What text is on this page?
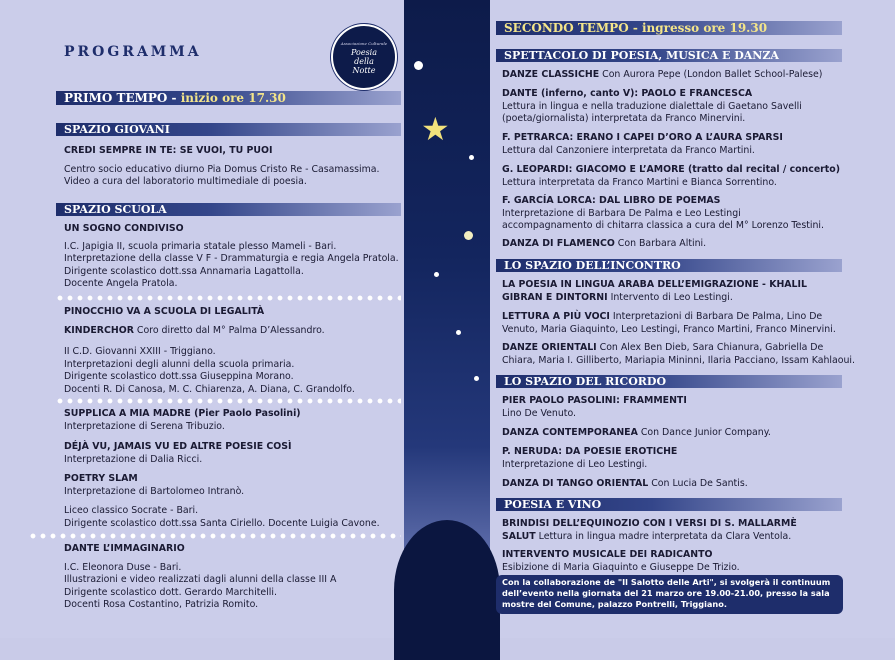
★
PROGRAMMA
Associazione Culturale
Poesia
della
Notte
PRIMO TEMPO - inizio ore 17.30
SPAZIO GIOVANI

CREDI SEMPRE IN TE: SE VUOI, TU PUOI

Centro socio educativo diurno Pia Domus Cristo Re - Casamassima.

Video a cura del laboratorio multimediale di poesia.

SPAZIO SCUOLA

UN SOGNO CONDIVISO

I.C. Japigia II, scuola primaria statale plesso Mameli - Bari.

Interpretazione della classe V F - Drammaturgia e regia Angela Pratola.

Dirigente scolastico dott.ssa Annamaria Lagattolla.

Docente Angela Pratola.

PINOCCHIO VA A SCUOLA DI LEGALITÀ

KINDERCHOR Coro diretto dal M° Palma D’Alessandro.

II C.D. Giovanni XXIII - Triggiano.

Interpretazioni degli alunni della scuola primaria.

Dirigente scolastico dott.ssa Giuseppina Morano.

Docenti R. Di Canosa, M. C. Chiarenza, A. Diana, C. Grandolfo.

SUPPLICA A MIA MADRE (Pier Paolo Pasolini)

Interpretazione di Serena Tribuzio.

DÉJÀ VU, JAMAIS VU ED ALTRE POESIE COSÌ

Interpretazione di Dalia Ricci.

POETRY SLAM

Interpretazione di Bartolomeo Intranò.

Liceo classico Socrate - Bari.

Dirigente scolastico dott.ssa Santa Ciriello. Docente Luigia Cavone.

DANTE L’IMMAGINARIO

I.C. Eleonora Duse - Bari.

Illustrazioni e video realizzati dagli alunni della classe III A

Dirigente scolastico dott. Gerardo Marchitelli.

Docenti Rosa Costantino, Patrizia Romito.

SECONDO TEMPO - ingresso ore 19.30
SPETTACOLO DI POESIA, MUSICA E DANZA

DANZE CLASSICHE Con Aurora Pepe (London Ballet School-Palese)

DANTE (inferno, canto V): PAOLO E FRANCESCA

Lettura in lingua e nella traduzione dialettale di Gaetano Savelli

(poeta/giornalista) interpretata da Franco Minervini.

F. PETRARCA: ERANO I CAPEI D’ORO A L’AURA SPARSI

Lettura dal Canzoniere interpretata da Franco Martini.

G. LEOPARDI: GIACOMO E L’AMORE (tratto dal recital / concerto)

Lettura interpretata da Franco Martini e Bianca Sorrentino.

F. GARCÍA LORCA: DAL LIBRO DE POEMAS

Interpretazione di Barbara De Palma e Leo Lestingi

accompagnamento di chitarra classica a cura del M° Lorenzo Testini.

DANZA DI FLAMENCO Con Barbara Altini.

LO SPAZIO DELL’INCONTRO

LA POESIA IN LINGUA ARABA DELL’EMIGRAZIONE - KHALIL

GIBRAN E DINTORNI Intervento di Leo Lestingi.

LETTURA A PIÙ VOCI Interpretazioni di Barbara De Palma, Lino De

Venuto, Maria Giaquinto, Leo Lestingi, Franco Martini, Franco Minervini.

DANZE ORIENTALI Con Alex Ben Dieb, Sara Chianura, Gabriella De

Chiara, Maria I. Gilliberto, Mariapia Mininni, Ilaria Pacciano, Issam Kahlaoui.

LO SPAZIO DEL RICORDO

PIER PAOLO PASOLINI: FRAMMENTI

Lino De Venuto.

DANZA CONTEMPORANEA Con Dance Junior Company.

P. NERUDA: DA POESIE EROTICHE

Interpretazione di Leo Lestingi.

DANZA DI TANGO ORIENTAL Con Lucia De Santis.

POESIA E VINO

BRINDISI DELL’EQUINOZIO CON I VERSI DI S. MALLARMÈ

SALUT Lettura in lingua madre interpretata da Clara Ventola.

INTERVENTO MUSICALE DEI RADICANTO

Esibizione di Maria Giaquinto e Giuseppe De Trizio.

Con la collaborazione de "Il Salotto delle Arti", si svolgerà il continuum
dell’evento nella giornata del 21 marzo ore 19.00-21.00, presso la sala
mostre del Comune, palazzo Pontrelli, Triggiano.
